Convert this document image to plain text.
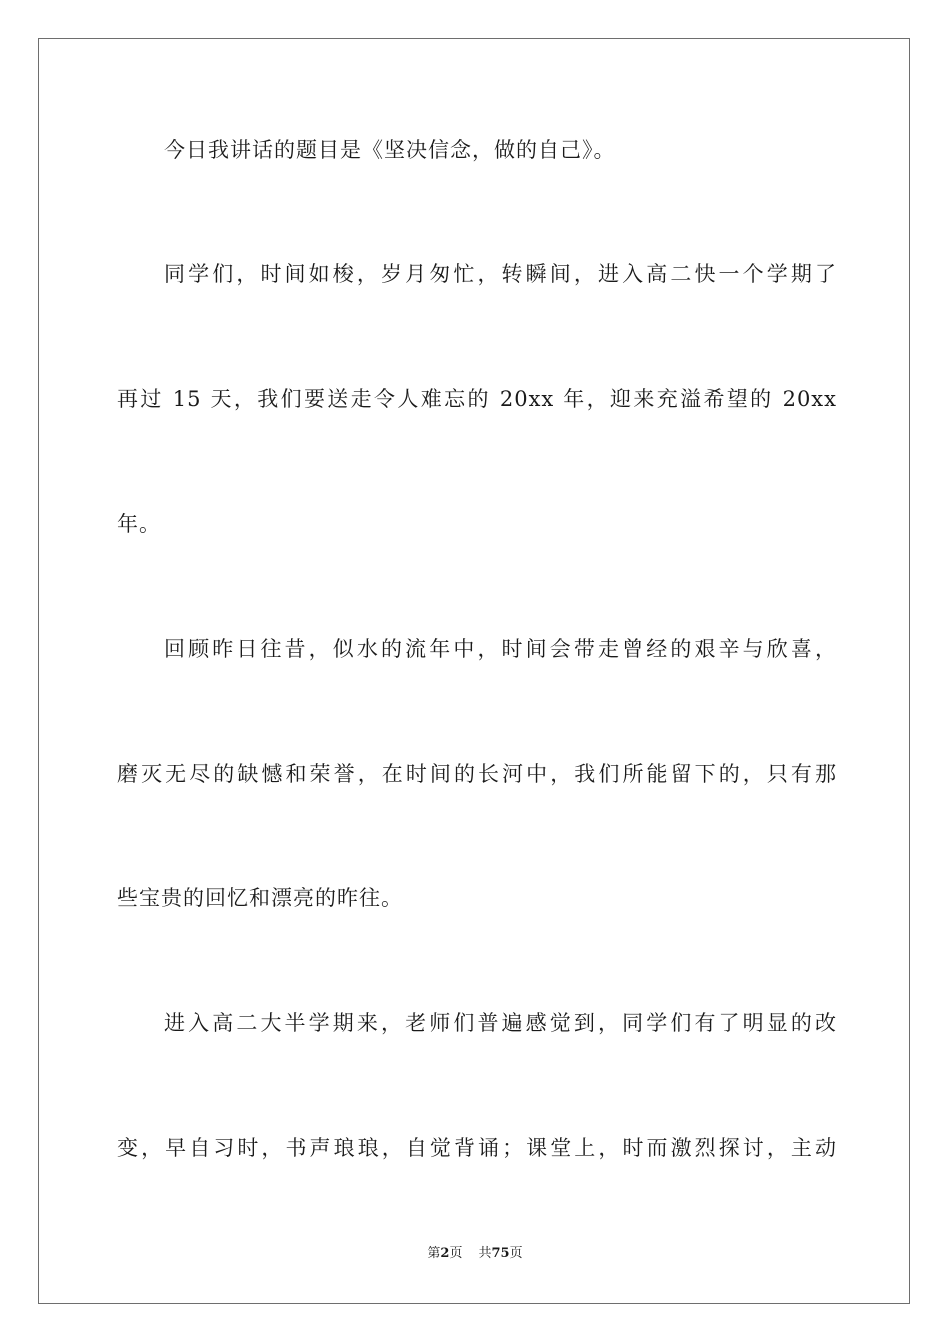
今日我讲话的题目是《坚决信念，做的自己》。
同学们，时间如梭，岁月匆忙，转瞬间，进入高二快一个学期了
再过 15 天，我们要送走令人难忘的 20xx 年，迎来充溢希望的 20xx
年。
回顾昨日往昔，似水的流年中，时间会带走曾经的艰辛与欣喜，
磨灭无尽的缺憾和荣誉，在时间的长河中，我们所能留下的，只有那
些宝贵的回忆和漂亮的昨往。
进入高二大半学期来，老师们普遍感觉到，同学们有了明显的改
变，早自习时，书声琅琅，自觉背诵；课堂上，时而激烈探讨，主动
第2页 共75页
